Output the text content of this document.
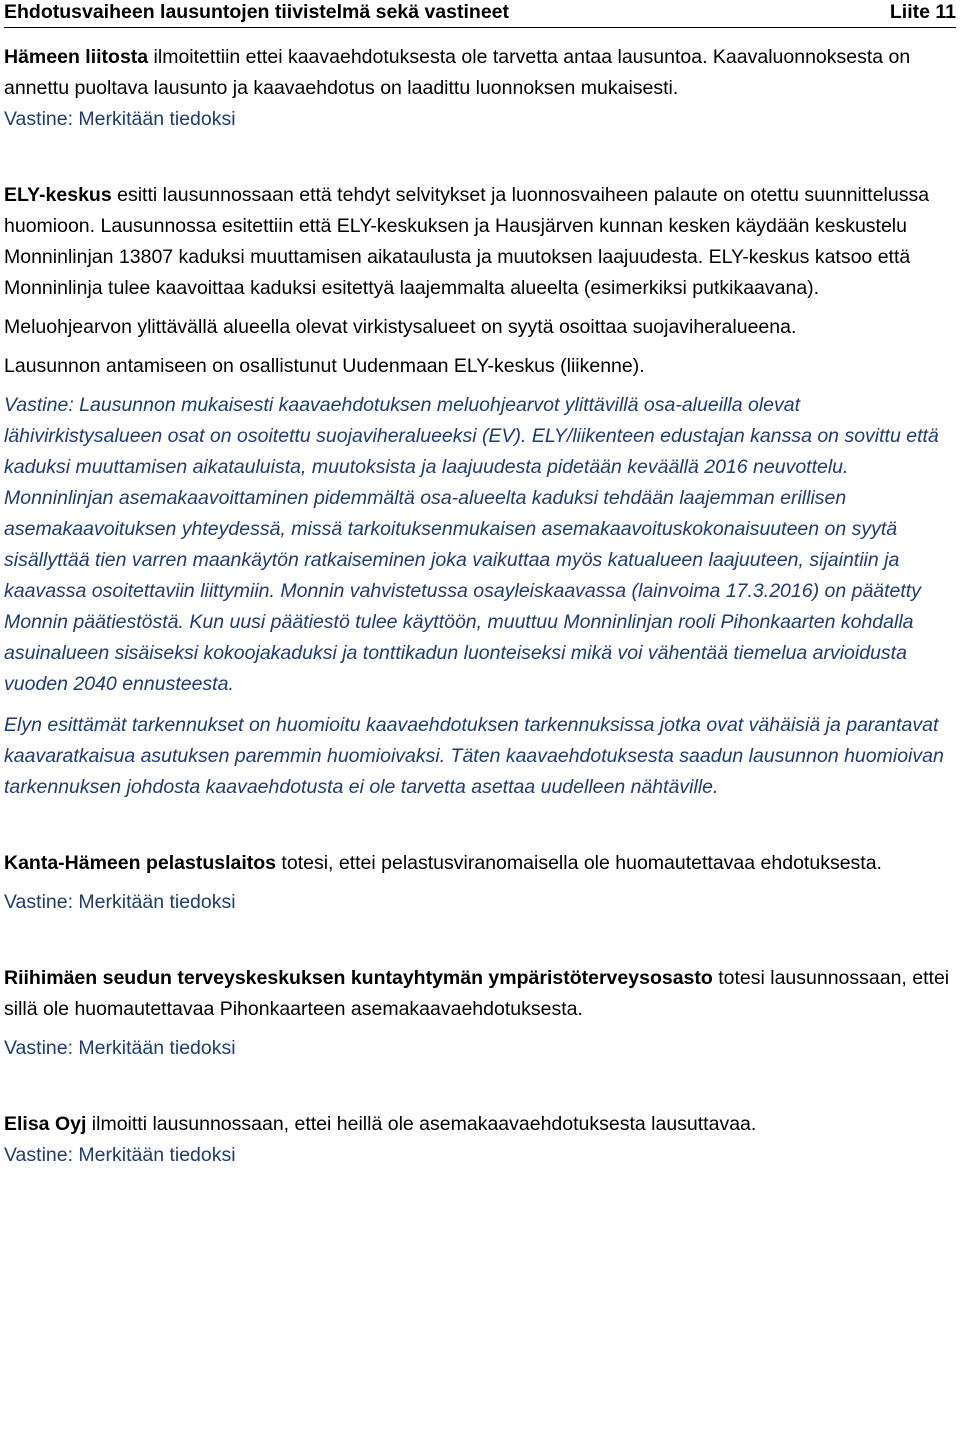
Ehdotusvaiheen lausuntojen tiivistelmä sekä vastineet	Liite 11

Hämeen liitosta ilmoitettiin ettei kaavaehdotuksesta ole tarvetta antaa lausuntoa. Kaavaluonnoksesta on annettu puoltava lausunto ja kaavaehdotus on laadittu luonnoksen mukaisesti.

Vastine: Merkitään tiedoksi

ELY-keskus esitti lausunnossaan että tehdyt selvitykset ja luonnosvaiheen palaute on otettu suunnittelussa huomioon. Lausunnossa esitettiin että ELY-keskuksen ja Hausjärven kunnan kesken käydään keskustelu Monninlinjan 13807 kaduksi muuttamisen aikataulusta ja muutoksen laajuudesta. ELY-keskus katsoo että Monninlinja tulee kaavoittaa kaduksi esitettyä laajemmalta alueelta (esimerkiksi putkikaavana).

Meluohjearvon ylittävällä alueella olevat virkistysalueet on syytä osoittaa suojaviheralueena.

Lausunnon antamiseen on osallistunut Uudenmaan ELY-keskus (liikenne).

Vastine: Lausunnon mukaisesti kaavaehdotuksen meluohjearvot ylittävillä osa-alueilla olevat lähivirkistysalueen osat on osoitettu suojaviheralueeksi (EV). ELY/liikenteen edustajan kanssa on sovittu että kaduksi muuttamisen aikatauluista, muutoksista ja laajuudesta pidetään keväällä 2016 neuvottelu. Monninlinjan asemakaavoittaminen pidemmältä osa-alueelta kaduksi tehdään laajemman erillisen asemakaavoituksen yhteydessä, missä tarkoituksenmukaisen asemakaavoituskokonaisuuteen on syytä sisällyttää tien varren maankäytön ratkaiseminen joka vaikuttaa myös katualueen laajuuteen, sijaintiin ja kaavassa osoitettaviin liittymiin. Monnin vahvistetussa osayleiskaavassa (lainvoima 17.3.2016) on päätetty Monnin päätiestöstä. Kun uusi päätiestö tulee käyttöön, muuttuu Monninlinjan rooli Pihonkaarten kohdalla asuinalueen sisäiseksi kokoojakaduksi ja tonttikadun luonteiseksi mikä voi vähentää tiemelua arvioidusta vuoden 2040 ennusteesta.

Elyn esittämät tarkennukset on huomioitu kaavaehdotuksen tarkennuksissa jotka ovat vähäisiä ja parantavat kaavaratkaisua asutuksen paremmin huomioivaksi. Täten kaavaehdotuksesta saadun lausunnon huomioivan tarkennuksen johdosta kaavaehdotusta ei ole tarvetta asettaa uudelleen nähtäville.

Kanta-Hämeen pelastuslaitos totesi, ettei pelastusviranomaisella ole huomautettavaa ehdotuksesta.

Vastine: Merkitään tiedoksi

Riihimäen seudun terveyskeskuksen kuntayhtymän ympäristöterveysosasto totesi lausunnossaan, ettei sillä ole huomautettavaa Pihonkaarteen asemakaavaehdotuksesta.

Vastine: Merkitään tiedoksi

Elisa Oyj ilmoitti lausunnossaan, ettei heillä ole asemakaavaehdotuksesta lausuttavaa.

Vastine: Merkitään tiedoksi
